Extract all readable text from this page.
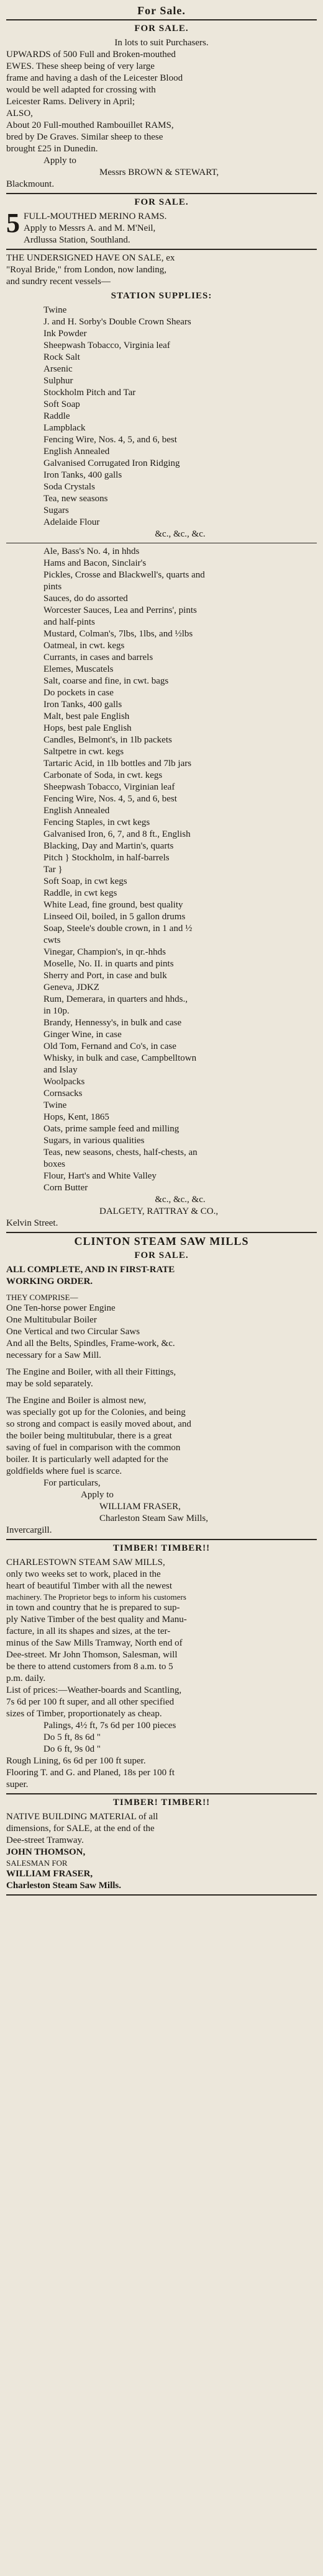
For Sale.
FOR SALE.
In lots to suit Purchasers.

UPWARDS of 500 Full and Broken-mouthed

EWES. These sheep being of very large

frame and having a dash of the Leicester Blood

would be well adapted for crossing with

Leicester Rams. Delivery in April;

ALSO,

About 20 Full-mouthed Rambouillet RAMS,

bred by De Graves. Similar sheep to these

brought £25 in Dunedin.

Apply to

Messrs BROWN & STEWART,

Blackmount.

FOR SALE.
5 FULL-MOUTHED MERINO RAMS.

Apply to Messrs A. and M. M'Neil,

Ardlussa Station, Southland.

THE UNDERSIGNED HAVE ON SALE, ex

"Royal Bride," from London, now landing,

and sundry recent vessels—

STATION SUPPLIES:

Twine

J. and H. Sorby's Double Crown Shears

Ink Powder

Sheepwash Tobacco, Virginia leaf

Rock Salt

Arsenic

Sulphur

Stockholm Pitch and Tar

Soft Soap

Raddle

Lampblack

Fencing Wire, Nos. 4, 5, and 6, best

English Annealed

Galvanised Corrugated Iron Ridging

Iron Tanks, 400 galls

Soda Crystals

Tea, new seasons

Sugars

Adelaide Flour

&c., &c., &c.

Ale, Bass's No. 4, in hhds

Hams and Bacon, Sinclair's

Pickles, Crosse and Blackwell's, quarts and

pints

Sauces, do do assorted

Worcester Sauces, Lea and Perrins', pints

and half-pints

Mustard, Colman's, 7lbs, 1lbs, and ½lbs

Oatmeal, in cwt. kegs

Currants, in cases and barrels

Elemes, Muscatels

Salt, coarse and fine, in cwt. bags

Do pockets in case

Iron Tanks, 400 galls

Malt, best pale English

Hops, best pale English

Candles, Belmont's, in 1lb packets

Saltpetre in cwt. kegs

Tartaric Acid, in 1lb bottles and 7lb jars

Carbonate of Soda, in cwt. kegs

Sheepwash Tobacco, Virginian leaf

Fencing Wire, Nos. 4, 5, and 6, best

English Annealed

Fencing Staples, in cwt kegs

Galvanised Iron, 6, 7, and 8 ft., English

Blacking, Day and Martin's, quarts

Pitch } Stockholm, in half-barrels

Tar }

Soft Soap, in cwt kegs

Raddle, in cwt kegs

White Lead, fine ground, best quality

Linseed Oil, boiled, in 5 gallon drums

Soap, Steele's double crown, in 1 and ½

cwts

Vinegar, Champion's, in qr.-hhds

Moselle, No. II. in quarts and pints

Sherry and Port, in case and bulk

Geneva, JDKZ

Rum, Demerara, in quarters and hhds.,

in 10p.

Brandy, Hennessy's, in bulk and case

Ginger Wine, in case

Old Tom, Fernand and Co's, in case

Whisky, in bulk and case, Campbelltown

and Islay

Woolpacks

Cornsacks

Twine

Hops, Kent, 1865

Oats, prime sample feed and milling

Sugars, in various qualities

Teas, new seasons, chests, half-chests, an

boxes

Flour, Hart's and White Valley

Corn Butter

&c., &c., &c.

DALGETY, RATTRAY & CO.,

Kelvin Street.

CLINTON STEAM SAW MILLS
FOR SALE.

ALL COMPLETE, AND IN FIRST-RATE

WORKING ORDER.

THEY COMPRISE—

One Ten-horse power Engine

One Multitubular Boiler

One Vertical and two Circular Saws

And all the Belts, Spindles, Frame-work, &c.

necessary for a Saw Mill.

The Engine and Boiler, with all their Fittings,

may be sold separately.

The Engine and Boiler is almost new,

was specially got up for the Colonies, and being

so strong and compact is easily moved about, and

the boiler being multitubular, there is a great

saving of fuel in comparison with the common

boiler. It is particularly well adapted for the

goldfields where fuel is scarce.

For particulars,

Apply to

WILLIAM FRASER,

Charleston Steam Saw Mills,

Invercargill.

TIMBER! TIMBER!!

CHARLESTOWN STEAM SAW MILLS,

only two weeks set to work, placed in the

heart of beautiful Timber with all the newest

machinery. The Proprietor begs to inform his customers

in town and country that he is prepared to sup-

ply Native Timber of the best quality and Manu-

facture, in all its shapes and sizes, at the ter-

minus of the Saw Mills Tramway, North end of

Dee-street. Mr John Thomson, Salesman, will

be there to attend customers from 8 a.m. to 5

p.m. daily.

List of prices:—Weather-boards and Scantling,

7s 6d per 100 ft super, and all other specified

sizes of Timber, proportionately as cheap.

Palings, 4½ ft, 7s 6d per 100 pieces

Do 5 ft, 8s 6d "

Do 6 ft, 9s 0d "

Rough Lining, 6s 6d per 100 ft super.

Flooring T. and G. and Planed, 18s per 100 ft

super.

TIMBER! TIMBER!!

NATIVE BUILDING MATERIAL of all

dimensions, for SALE, at the end of the

Dee-street Tramway.

JOHN THOMSON,

SALESMAN FOR

WILLIAM FRASER,

Charleston Steam Saw Mills.
